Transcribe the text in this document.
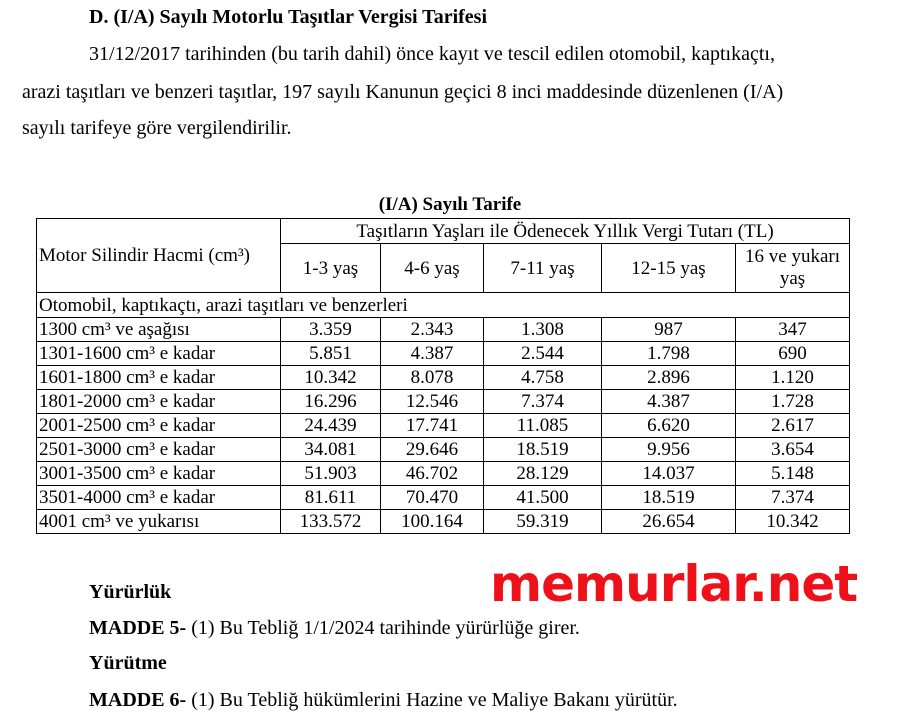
D. (I/A) Sayılı Motorlu Taşıtlar Vergisi Tarifesi
31/12/2017 tarihinden (bu tarih dahil) önce kayıt ve tescil edilen otomobil, kaptıkaçtı,
arazi taşıtları ve benzeri taşıtlar, 197 sayılı Kanunun geçici 8 inci maddesinde düzenlenen (I/A)
sayılı tarifeye göre vergilendirilir.
(I/A) Sayılı Tarife
Motor Silindir Hacmi (cm³)	Taşıtların Yaşları ile Ödenecek Yıllık Vergi Tutarı (TL)				
	1-3 yaş	4-6 yaş	7-11 yaş	12-15 yaş	16 ve yukarı yaş
Otomobil, kaptıkaçtı, arazi taşıtları ve benzerleri					
1300 cm³ ve aşağısı	3.359	2.343	1.308	987	347
1301-1600 cm³ e kadar	5.851	4.387	2.544	1.798	690
1601-1800 cm³ e kadar	10.342	8.078	4.758	2.896	1.120
1801-2000 cm³ e kadar	16.296	12.546	7.374	4.387	1.728
2001-2500 cm³ e kadar	24.439	17.741	11.085	6.620	2.617
2501-3000 cm³ e kadar	34.081	29.646	18.519	9.956	3.654
3001-3500 cm³ e kadar	51.903	46.702	28.129	14.037	5.148
3501-4000 cm³ e kadar	81.611	70.470	41.500	18.519	7.374
4001 cm³ ve yukarısı	133.572	100.164	59.319	26.654	10.342
Yürürlük
MADDE 5- (1) Bu Tebliğ 1/1/2024 tarihinde yürürlüğe girer.
Yürütme
MADDE 6- (1) Bu Tebliğ hükümlerini Hazine ve Maliye Bakanı yürütür.
memurlar.net
